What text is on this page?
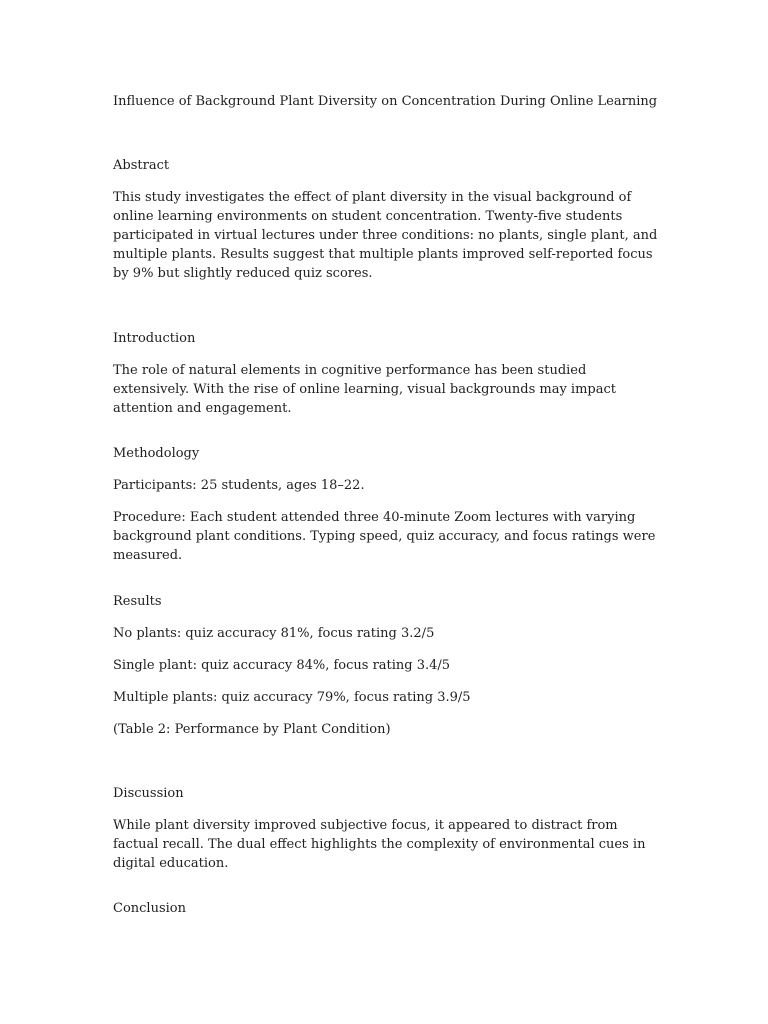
Influence of Background Plant Diversity on Concentration During Online Learning
Abstract

This study investigates the effect of plant diversity in the visual background of online learning environments on student concentration. Twenty-five students participated in virtual lectures under three conditions: no plants, single plant, and multiple plants. Results suggest that multiple plants improved self-reported focus by 9% but slightly reduced quiz scores.

Introduction

The role of natural elements in cognitive performance has been studied extensively. With the rise of online learning, visual backgrounds may impact attention and engagement.

Methodology

Participants: 25 students, ages 18–22.

Procedure: Each student attended three 40-minute Zoom lectures with varying background plant conditions. Typing speed, quiz accuracy, and focus ratings were measured.

Results

No plants: quiz accuracy 81%, focus rating 3.2/5

Single plant: quiz accuracy 84%, focus rating 3.4/5

Multiple plants: quiz accuracy 79%, focus rating 3.9/5

(Table 2: Performance by Plant Condition)

Discussion

While plant diversity improved subjective focus, it appeared to distract from factual recall. The dual effect highlights the complexity of environmental cues in digital education.

Conclusion
